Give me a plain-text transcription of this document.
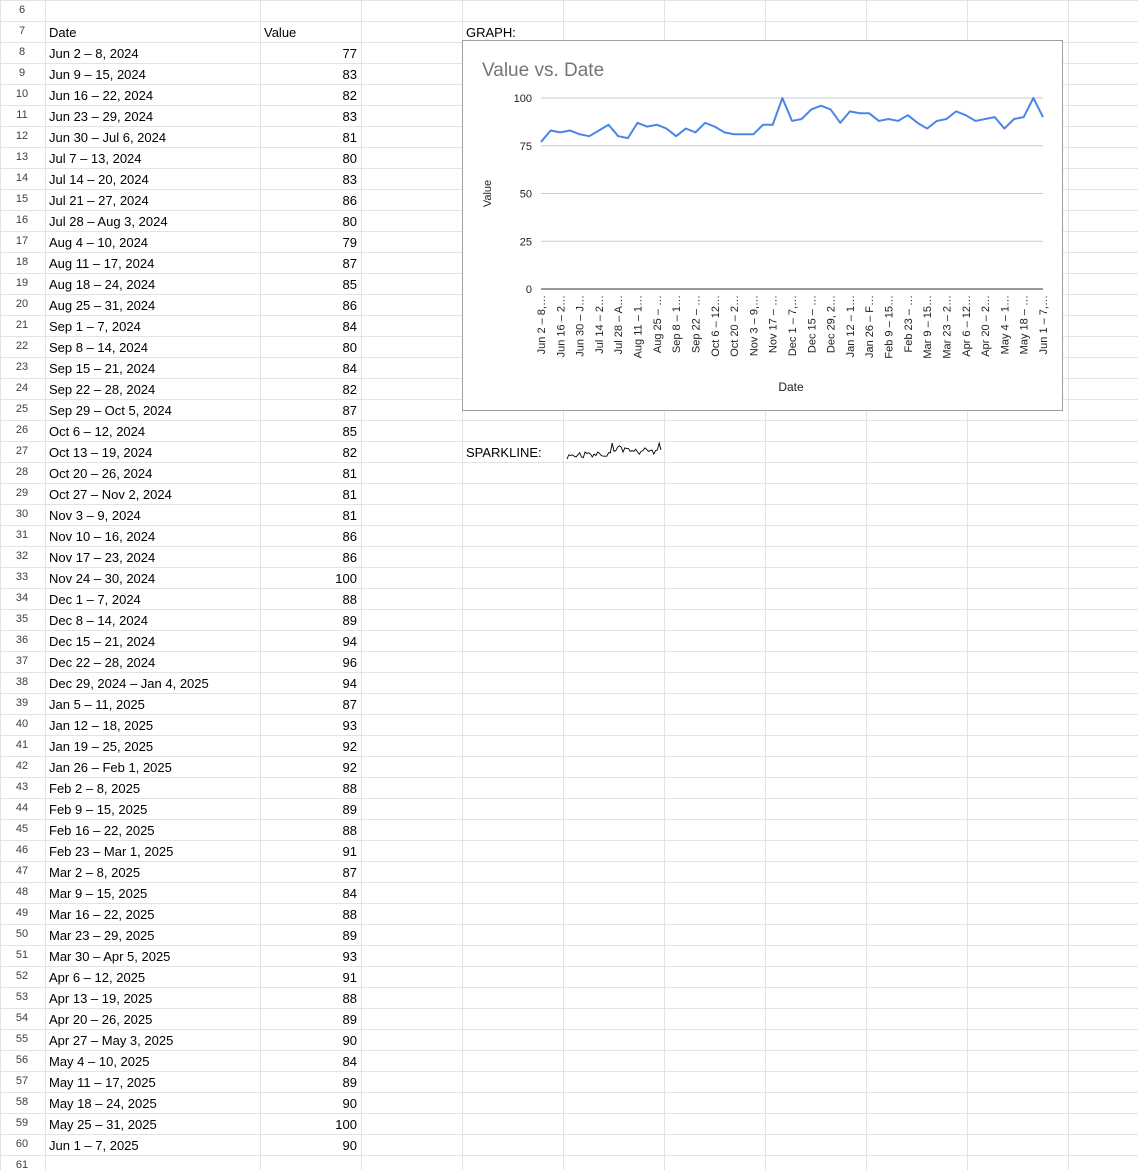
6
7
8
9
10
11
12
13
14
15
16
17
18
19
20
21
22
23
24
25
26
27
28
29
30
31
32
33
34
35
36
37
38
39
40
41
42
43
44
45
46
47
48
49
50
51
52
53
54
55
56
57
58
59
60
61
Date	Value	GRAPH:
SPARKLINE:
Jun 2 – 8, 2024	77
Jun 9 – 15, 2024	83
Jun 16 – 22, 2024	82
Jun 23 – 29, 2024	83
Jun 30 – Jul 6, 2024	81
Jul 7 – 13, 2024	80
Jul 14 – 20, 2024	83
Jul 21 – 27, 2024	86
Jul 28 – Aug 3, 2024	80
Aug 4 – 10, 2024	79
Aug 11 – 17, 2024	87
Aug 18 – 24, 2024	85
Aug 25 – 31, 2024	86
Sep 1 – 7, 2024	84
Sep 8 – 14, 2024	80
Sep 15 – 21, 2024	84
Sep 22 – 28, 2024	82
Sep 29 – Oct 5, 2024	87
Oct 6 – 12, 2024	85
Oct 13 – 19, 2024	82
Oct 20 – 26, 2024	81
Oct 27 – Nov 2, 2024	81
Nov 3 – 9, 2024	81
Nov 10 – 16, 2024	86
Nov 17 – 23, 2024	86
Nov 24 – 30, 2024	100
Dec 1 – 7, 2024	88
Dec 8 – 14, 2024	89
Dec 15 – 21, 2024	94
Dec 22 – 28, 2024	96
Dec 29, 2024 – Jan 4, 2025	94
Jan 5 – 11, 2025	87
Jan 12 – 18, 2025	93
Jan 19 – 25, 2025	92
Jan 26 – Feb 1, 2025	92
Feb 2 – 8, 2025	88
Feb 9 – 15, 2025	89
Feb 16 – 22, 2025	88
Feb 23 – Mar 1, 2025	91
Mar 2 – 8, 2025	87
Mar 9 – 15, 2025	84
Mar 16 – 22, 2025	88
Mar 23 – 29, 2025	89
Mar 30 – Apr 5, 2025	93
Apr 6 – 12, 2025	91
Apr 13 – 19, 2025	88
Apr 20 – 26, 2025	89
Apr 27 – May 3, 2025	90
May 4 – 10, 2025	84
May 11 – 17, 2025	89
May 18 – 24, 2025	90
May 25 – 31, 2025	100
Jun 1 – 7, 2025	90
Value vs. Date
Value
Date
0
25
50
75
100
Jun 2 – 8,… Jun 16 – 2… Jun 30 – J… Jul 14 – 2… Jul 28 – A… Aug 11 – 1… Aug 25 – … Sep 8 – 1… Sep 22 – … Oct 6 – 12… Oct 20 – 2… Nov 3 – 9,… Nov 17 – … Dec 1 – 7,… Dec 15 – … Dec 29, 2… Jan 12 – 1… Jan 26 – F… Feb 9 – 15… Feb 23 – … Mar 9 – 15… Mar 23 – 2… Apr 6 – 12… Apr 20 – 2… May 4 – 1… May 18 – … Jun 1 – 7,…
